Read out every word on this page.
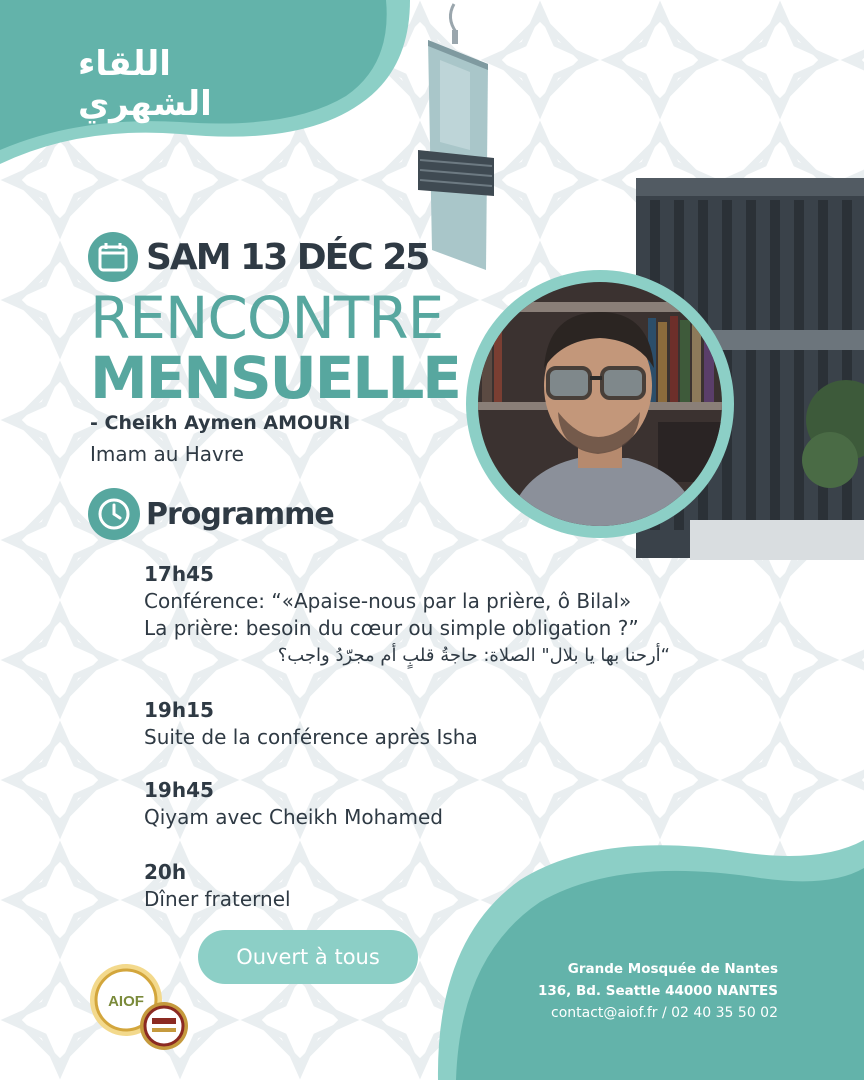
اللقاء الشهري
SAM 13 DÉC 25
RENCONTRE
MENSUELLE
- Cheikh Aymen AMOURI
Imam au Havre
Programme
17h45
Conférence: “«Apaise-nous par la prière, ô Bilal»
La prière: besoin du cœur ou simple obligation ?”
“أرحنا بها يا بلال" الصلاة: حاجةُ قلبٍ أم مجرّدُ واجب؟
19h15
Suite de la conférence après Isha
19h45
Qiyam avec Cheikh Mohamed
20h
Dîner fraternel
Ouvert à tous
AIOF
Grande Mosquée de Nantes
136, Bd. Seattle 44000 NANTES
contact@aiof.fr / 02 40 35 50 02
